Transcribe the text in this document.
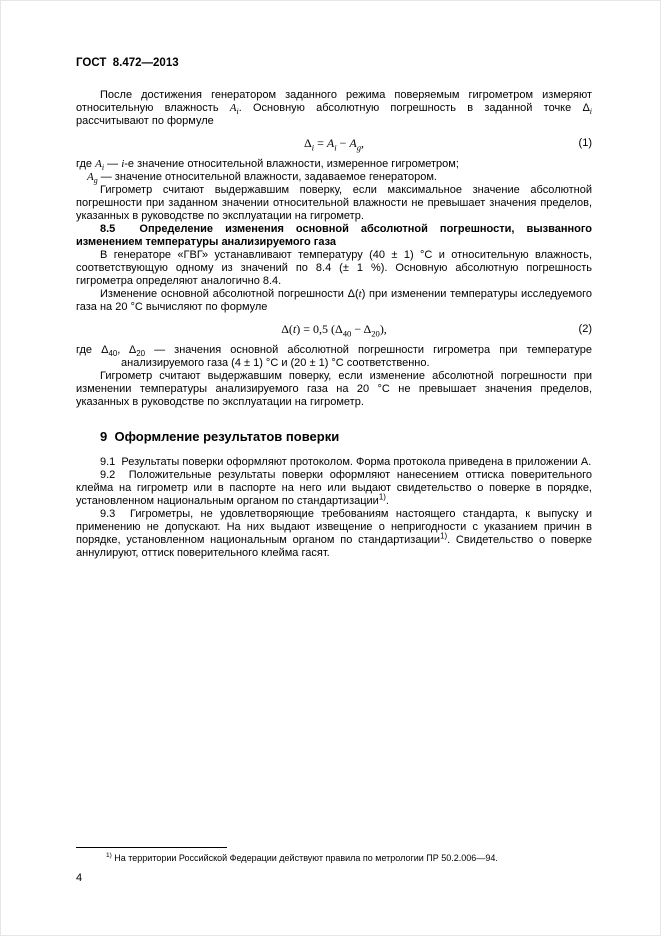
ГОСТ  8.472—2013

После достижения генератором заданного режима поверяемым гигрометром измеряют относительную влажность $A_i$. Основную абсолютную погрешность в заданной точке $\Delta_i$ рассчитывают по формуле

$\Delta_i = A_i - A_g$,	(1)

где $A_i$ — i-е значение относительной влажности, измеренное гигрометром;

$A_g$ — значение относительной влажности, задаваемое генератором.

Гигрометр считают выдержавшим поверку, если максимальное значение абсолютной погрешности при заданном значении относительной влажности не превышает значения пределов, указанных в руководстве по эксплуатации на гигрометр.

8.5  Определение изменения основной абсолютной погрешности, вызванного изменением температуры анализируемого газа

В генераторе «ГВГ» устанавливают температуру (40 ± 1) °С и относительную влажность, соответствующую одному из значений по 8.4 (± 1 %). Основную абсолютную погрешность гигрометра определяют аналогично 8.4.

Изменение основной абсолютной погрешности Δ(t) при изменении температуры исследуемого газа на 20 °С вычисляют по формуле

Δ(t) = 0,5 $(\Delta_{40} - \Delta_{20})$,	(2)

где $\Delta_{40}$, $\Delta_{20}$ — значения основной абсолютной погрешности гигрометра при температуре анализируемого газа (4 ± 1) °С и (20 ± 1) °С соответственно.

Гигрометр считают выдержавшим поверку, если изменение абсолютной погрешности при изменении температуры анализируемого газа на 20 °С не превышает значения пределов, указанных в руководстве по эксплуатации на гигрометр.

9  Оформление результатов поверки

9.1  Результаты поверки оформляют протоколом. Форма протокола приведена в приложении А.

9.2  Положительные результаты поверки оформляют нанесением оттиска поверительного клейма на гигрометр или в паспорте на него или выдают свидетельство о поверке в порядке, установленном национальным органом по стандартизации$^{1)}$.

9.3  Гигрометры, не удовлетворяющие требованиям настоящего стандарта, к выпуску и применению не допускают. На них выдают извещение о непригодности с указанием причин в порядке, установленном национальным органом по стандартизации$^{1)}$. Свидетельство о поверке аннулируют, оттиск поверительного клейма гасят.

$^{1)}$ На территории Российской Федерации действуют правила по метрологии ПР 50.2.006—94.

4
